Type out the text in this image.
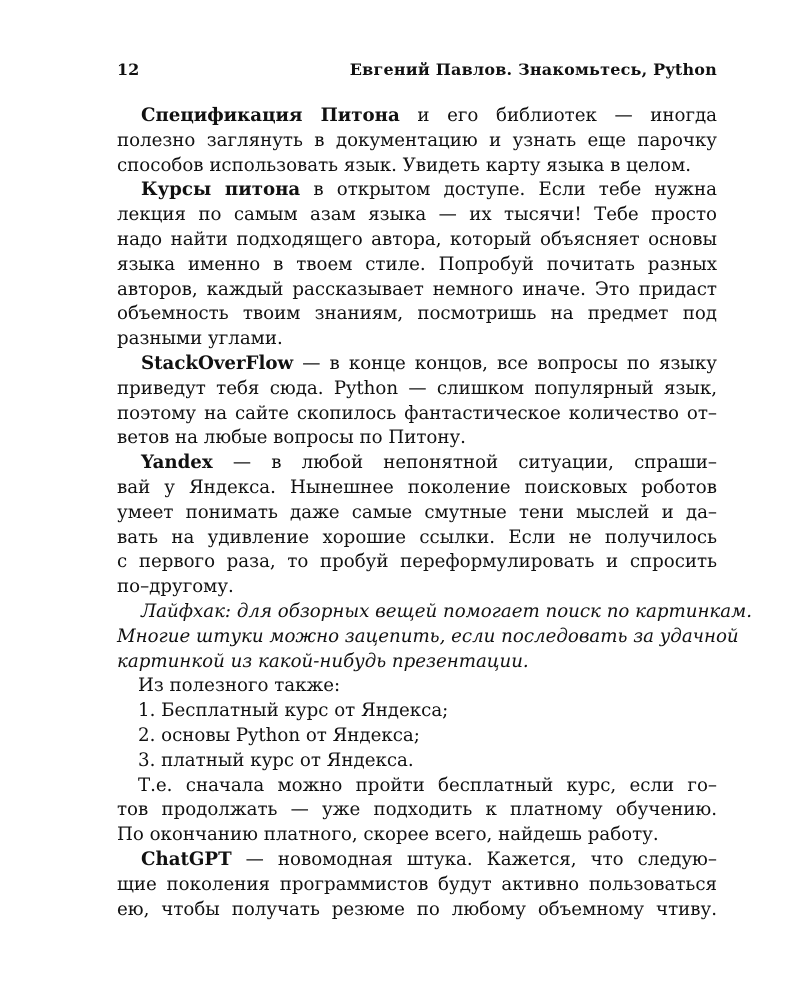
12	Евгений Павлов. Знакомьтесь, Python
Спецификация Питона и его библиотек — иногда
полезно заглянуть в документацию и узнать еще парочку
способов использовать язык. Увидеть карту языка в целом.
Курсы питона в открытом доступе. Если тебе нужна
лекция по самым азам языка — их тысячи! Тебе просто
надо найти подходящего автора, который объясняет основы
языка именно в твоем стиле. Попробуй почитать разных
авторов, каждый рассказывает немного иначе. Это придаст
объемность твоим знаниям, посмотришь на предмет под
разными углами.
StackOverFlow — в конце концов, все вопросы по языку
приведут тебя сюда. Python — слишком популярный язык,
поэтому на сайте скопилось фантастическое количество от–
ветов на любые вопросы по Питону.
Yandex — в любой непонятной ситуации, спраши–
вай у Яндекса. Нынешнее поколение поисковых роботов
умеет понимать даже самые смутные тени мыслей и да–
вать на удивление хорошие ссылки. Если не получилось
с первого раза, то пробуй переформулировать и спросить
по–другому.
Лайфхак: для обзорных вещей помогает поиск по картинкам.
Многие штуки можно зацепить, если последовать за удачной
картинкой из какой-нибудь презентации.
Из полезного также:
1. Бесплатный курс от Яндекса;
2. основы Python от Яндекса;
3. платный курс от Яндекса.
Т.е. сначала можно пройти бесплатный курс, если го–
тов продолжать — уже подходить к платному обучению.
По окончанию платного, скорее всего, найдешь работу.
ChatGPT — новомодная штука. Кажется, что следую–
щие поколения программистов будут активно пользоваться
ею, чтобы получать резюме по любому объемному чтиву.
